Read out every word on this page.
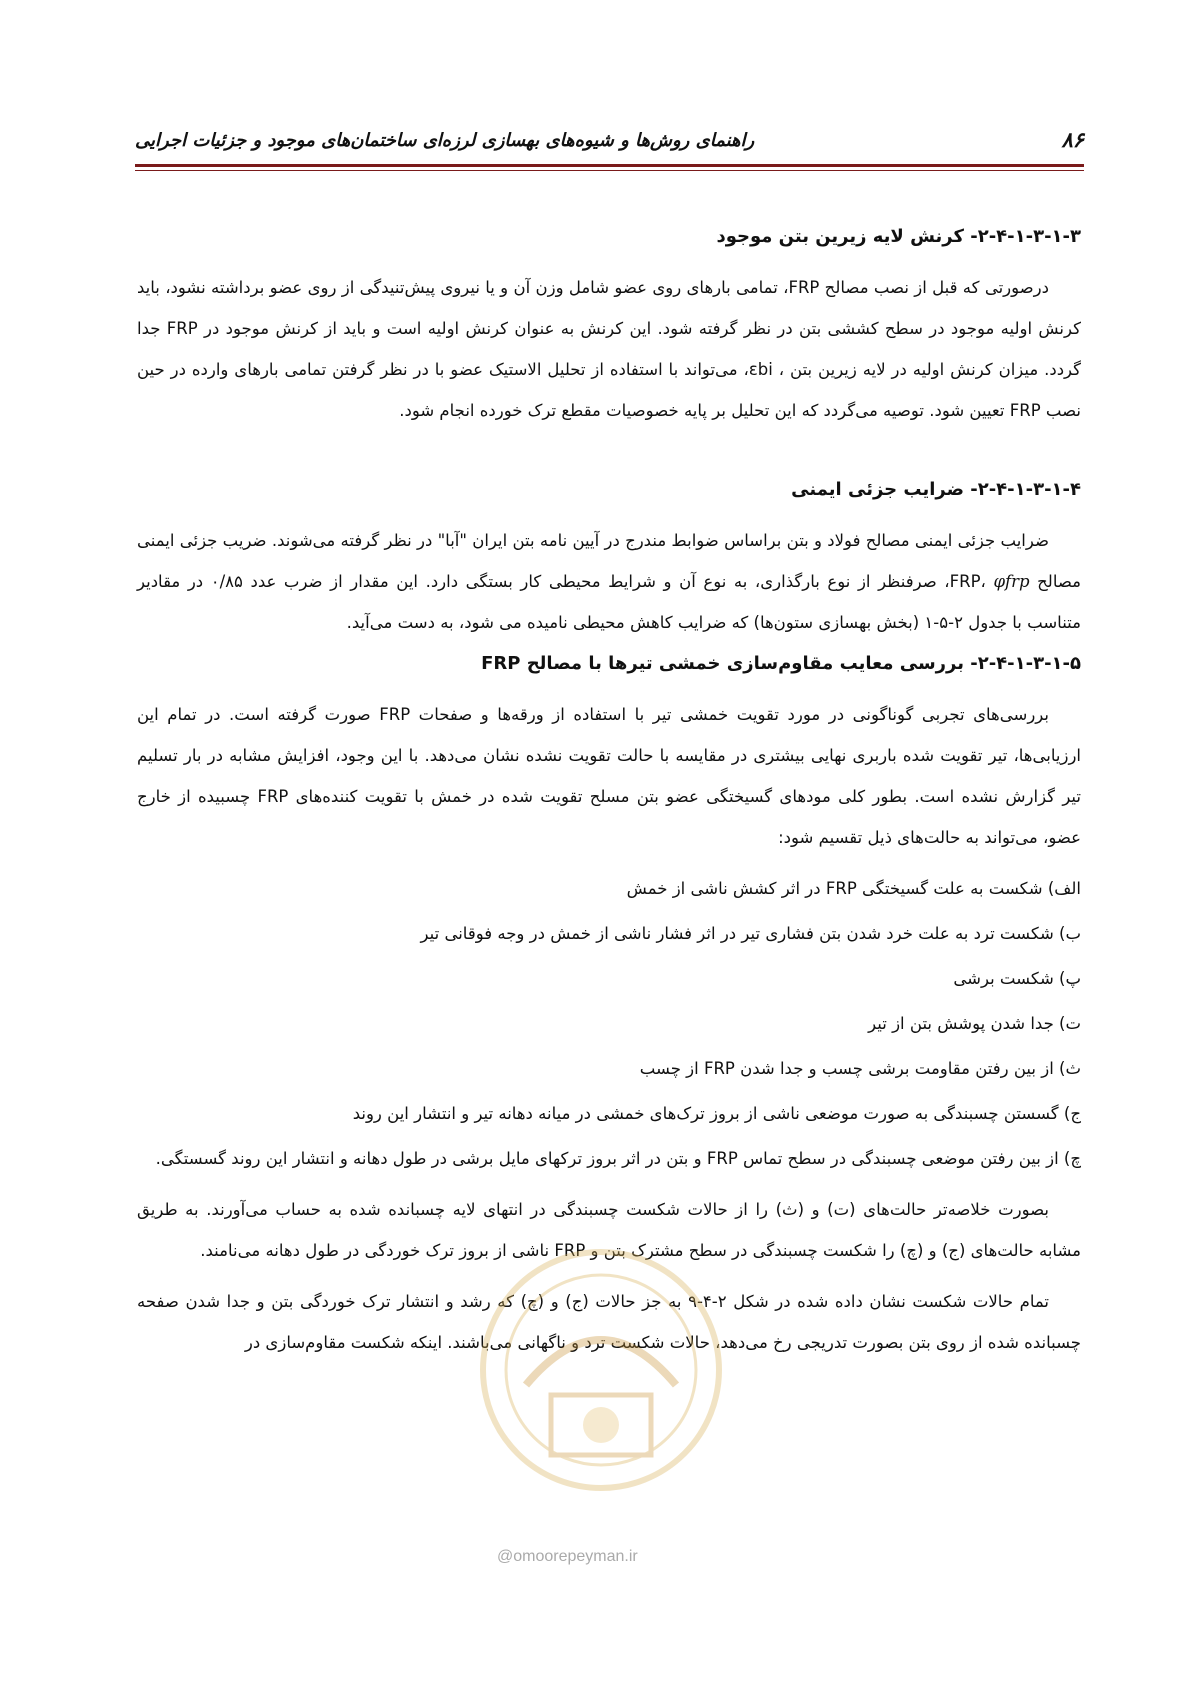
۸۶
راهنمای روش‌ها و شیوه‌های بهسازی لرزه‌ای ساختمان‌های موجود و جزئیات اجرایی

۲-۴-۱-۳-۱-۳- کرنش لایه زیرین بتن موجود

درصورتی که قبل از نصب مصالح FRP، تمامی بارهای روی عضو شامل وزن آن و یا نیروی پیش‌تنیدگی از روی عضو برداشته نشود، باید کرنش اولیه موجود در سطح کششی بتن در نظر گرفته شود. این کرنش به عنوان کرنش اولیه است و باید از کرنش موجود در FRP جدا گردد. میزان کرنش اولیه در لایه زیرین بتن ، εbi، می‌تواند با استفاده از تحلیل الاستیک عضو با در نظر گرفتن تمامی بارهای وارده در حین نصب FRP تعیین شود. توصیه می‌گردد که این تحلیل بر پایه خصوصیات مقطع ترک خورده انجام شود.

۲-۴-۱-۳-۱-۴- ضرایب جزئی ایمنی

ضرایب جزئی ایمنی مصالح فولاد و بتن براساس ضوابط مندرج در آیین نامه بتن ایران "آبا" در نظر گرفته می‌شوند. ضریب جزئی ایمنی مصالح FRP، φfrp، صرفنظر از نوع بارگذاری، به نوع آن و شرایط محیطی کار بستگی دارد. این مقدار از ضرب عدد ۰/۸۵ در مقادیر متناسب با جدول ۲-۵-۱ (بخش بهسازی ستون‌ها) که ضرایب کاهش محیطی نامیده می شود، به دست می‌آید.

۲-۴-۱-۳-۱-۵- بررسی معایب مقاوم‌سازی خمشی تیرها با مصالح FRP

بررسی‌های تجربی گوناگونی در مورد تقویت خمشی تیر با استفاده از ورقه‌ها و صفحات FRP صورت گرفته است. در تمام این ارزیابی‌ها، تیر تقویت شده باربری نهایی بیشتری در مقایسه با حالت تقویت نشده نشان می‌دهد. با این وجود، افزایش مشابه در بار تسلیم تیر گزارش نشده است. بطور کلی مودهای گسیختگی عضو بتن مسلح تقویت شده در خمش با تقویت کننده‌های FRP چسبیده از خارج عضو، می‌تواند به حالت‌های ذیل تقسیم شود:

الف) شکست به علت گسیختگی FRP در اثر کشش ناشی از خمش
ب) شکست ترد به علت خرد شدن بتن فشاری تیر در اثر فشار ناشی از خمش در وجه فوقانی تیر
پ) شکست برشی
ت) جدا شدن پوشش بتن از تیر
ث) از بین رفتن مقاومت برشی چسب و جدا شدن FRP از چسب
ج) گسستن چسبندگی به صورت موضعی ناشی از بروز ترک‌های خمشی در میانه دهانه تیر و انتشار این روند
چ) از بین رفتن موضعی چسبندگی در سطح تماس FRP و بتن در اثر بروز ترکهای مایل برشی در طول دهانه و انتشار این روند گسستگی.

بصورت خلاصه‌تر حالت‌های (ت) و (ث) را از حالات شکست چسبندگی در انتهای لایه چسبانده شده به حساب می‌آورند. به طریق مشابه حالت‌های (ج) و (چ) را شکست چسبندگی در سطح مشترک بتن و FRP ناشی از بروز ترک خوردگی در طول دهانه می‌نامند.

تمام حالات شکست نشان داده شده در شکل ۲-۴-۹ به جز حالات (ج) و (چ) که رشد و انتشار ترک خوردگی بتن و جدا شدن صفحه چسبانده شده از روی بتن بصورت تدریجی رخ می‌دهد، حالات شکست ترد و ناگهانی می‌باشند. اینکه شکست مقاوم‌سازی در

@omoorepeyman.ir
